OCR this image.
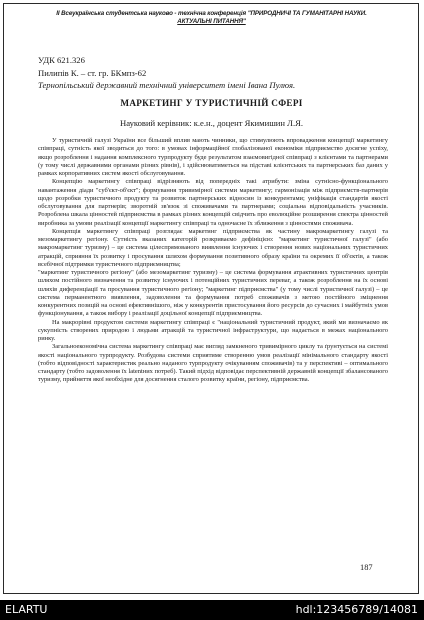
ІІ Всеукраїнська студентська науково - технічна конференція "ПРИРОДНИЧІ ТА ГУМАНІТАРНІ НАУКИ.
АКТУАЛЬНІ ПИТАННЯ"
УДК 621.326
Пилипів К. – ст. гр. БКмпз-62
Тернопільський державний технічний університет імені Івана Пулюя.
МАРКЕТИНГ У ТУРИСТИЧНІЙ СФЕРІ
Науковий керівник: к.е.н., доцент Якимишин Л.Я.

У туристичній галузі України все більший вплив мають чинники, що стимулюють впровадження концепції маркетингу співпраці, сутність якої зводиться до того: в умовах інформаційної глобалізованої економіки підприємство досягне успіху, якщо розроблення і надання комплексного турпродукту буде результатом взаємовигідної співпраці з клієнтами та партнерами (у тому числі державними органами різних рівнів), і здійснюватиметься на підставі клієнтських та партнерських баз даних у рамках корпоративних систем якості обслуговування.

Концепцію маркетингу співпраці відрізняють від попередніх такі атрибути: зміна сутнісно-функціонального навантаження діади "суб'єкт-об'єкт"; формування тривимірної системи маркетингу; гармонізація між підприємств-партнерів щодо розробки туристичного продукту та розвиток партнерських відносин із конкурентами; уніфікація стандартів якості обслуговування для партнерів; зворотній зв'язок зі споживачами та партнерами; соціальна відповідальність учасників. Розроблена шкала цінностей підприємства в рамках різних концепцій свідчить про еволюційне розширення спектра цінностей виробника за умови реалізації концепції маркетингу співпраці та одночасне їх зближення з цінностями споживача.

Концепція маркетингу співпраці розглядає маркетинг підприємства як частину макромаркетингу галузі та мезомаркетингу регіону. Сутність вказаних категорій розкриваємо дефініцією: "маркетинг туристичної галузі" (або макромаркетинг туризму) – це система цілеспрямованого виявлення існуючих і створення нових національних туристичних атракцій, сприяння їх розвитку і просування шляхом формування позитивного образу країни та окремих її об'єктів, а також всебічної підтримки туристичного підприємництва;

"маркетинг туристичного регіону" (або мезомаркетинг туризму) – це система формування атрактивних туристичних центрів шляхом постійного визначення та розвитку існуючих і потенційних туристичних переваг, а також розроблення на їх основі шляхів диференціації та просування туристичного регіону; "маркетинг підприємства" (у тому числі туристичної галузі) – це система перманентного виявлення, задоволення та формування потреб споживачів з метою постійного зміцнення конкурентних позицій на основі ефективнішого, ніж у конкурентів пристосування його ресурсів до сучасних і майбутніх умов функціонування, а також вибору і реалізації доцільної концепції підприємництва.

На макрорівні продуктом системи маркетингу співпраці є "національний туристичний продукт, який ми визначаємо як сукупність створених природою і людьми атракцій та туристичної інфраструктури, що надається в межах національного ринку.

Загальноекономічна система маркетингу співпраці має вигляд замкненого тривимірного циклу та ґрунтується на системі якості національного турпродукту. Розбудова системи сприятиме створенню умов реалізації мінімального стандарту якості (тобто відповідності характеристик реально наданого турпродукту очікуванням споживачів) та у перспективі – оптимального стандарту (тобто задоволення їх latentних потреб). Такий підхід відповідає перспективній державній концепції збалансованого туризму, прийняття якої необхідне для досягнення сталого розвитку країни, регіону, підприємства.

187
ELARTU	hdl:123456789/14081
